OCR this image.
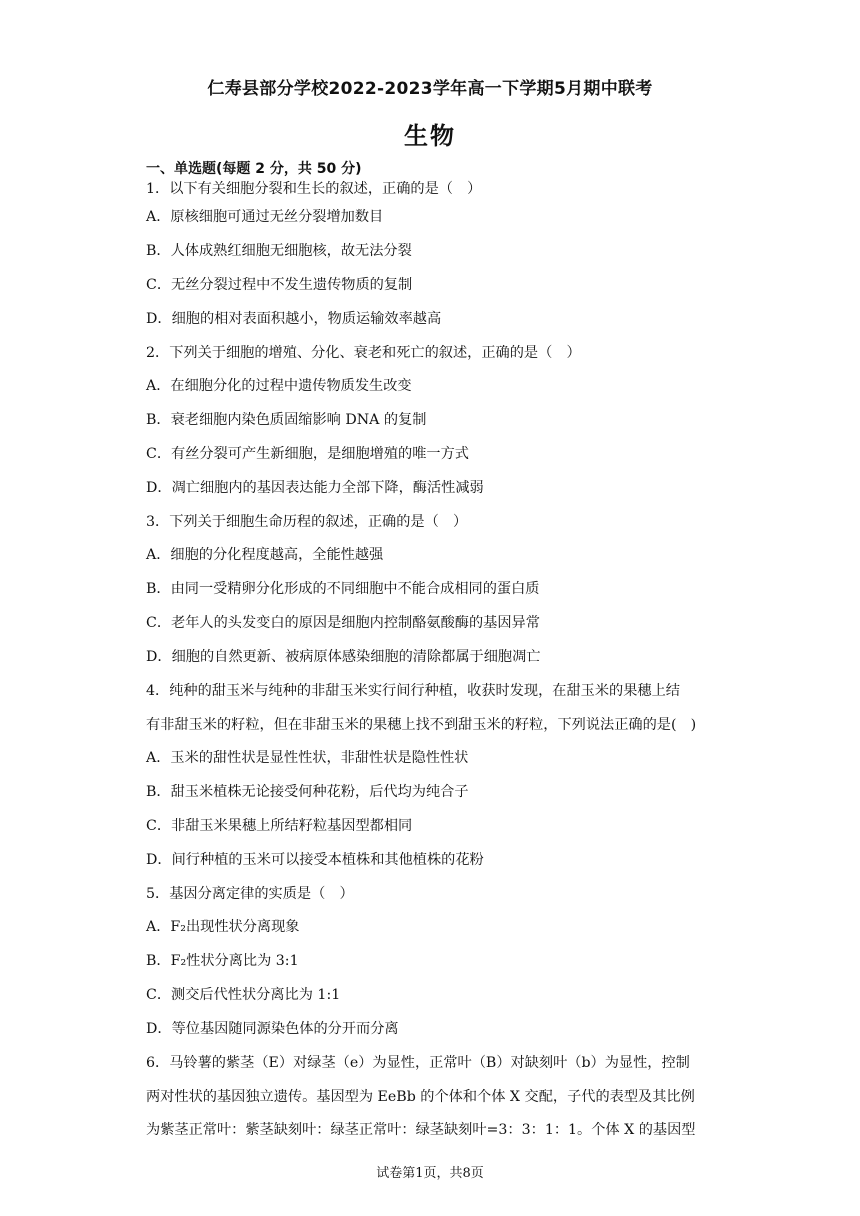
仁寿县部分学校2022-2023学年高一下学期5月期中联考
生物
一、单选题(每题 2 分，共 50 分)
1．以下有关细胞分裂和生长的叙述，正确的是（　）
A．原核细胞可通过无丝分裂增加数目
B．人体成熟红细胞无细胞核，故无法分裂
C．无丝分裂过程中不发生遗传物质的复制
D．细胞的相对表面积越小，物质运输效率越高
2．下列关于细胞的增殖、分化、衰老和死亡的叙述，正确的是（　）
A．在细胞分化的过程中遗传物质发生改变
B．衰老细胞内染色质固缩影响 DNA 的复制
C．有丝分裂可产生新细胞，是细胞增殖的唯一方式
D．凋亡细胞内的基因表达能力全部下降，酶活性减弱
3．下列关于细胞生命历程的叙述，正确的是（　）
A．细胞的分化程度越高，全能性越强
B．由同一受精卵分化形成的不同细胞中不能合成相同的蛋白质
C．老年人的头发变白的原因是细胞内控制酪氨酸酶的基因异常
D．细胞的自然更新、被病原体感染细胞的清除都属于细胞凋亡
4．纯种的甜玉米与纯种的非甜玉米实行间行种植，收获时发现，在甜玉米的果穗上结
有非甜玉米的籽粒，但在非甜玉米的果穗上找不到甜玉米的籽粒，下列说法正确的是(　)
A．玉米的甜性状是显性性状，非甜性状是隐性性状
B．甜玉米植株无论接受何种花粉，后代均为纯合子
C．非甜玉米果穗上所结籽粒基因型都相同
D．间行种植的玉米可以接受本植株和其他植株的花粉
5．基因分离定律的实质是（　）
A．F₂出现性状分离现象
B．F₂性状分离比为 3:1
C．测交后代性状分离比为 1:1
D．等位基因随同源染色体的分开而分离
6．马铃薯的紫茎（E）对绿茎（e）为显性，正常叶（B）对缺刻叶（b）为显性，控制
两对性状的基因独立遗传。基因型为 EeBb 的个体和个体 X 交配，子代的表型及其比例
为紫茎正常叶：紫茎缺刻叶：绿茎正常叶：绿茎缺刻叶=3：3：1：1。个体 X 的基因型
试卷第1页，共8页
